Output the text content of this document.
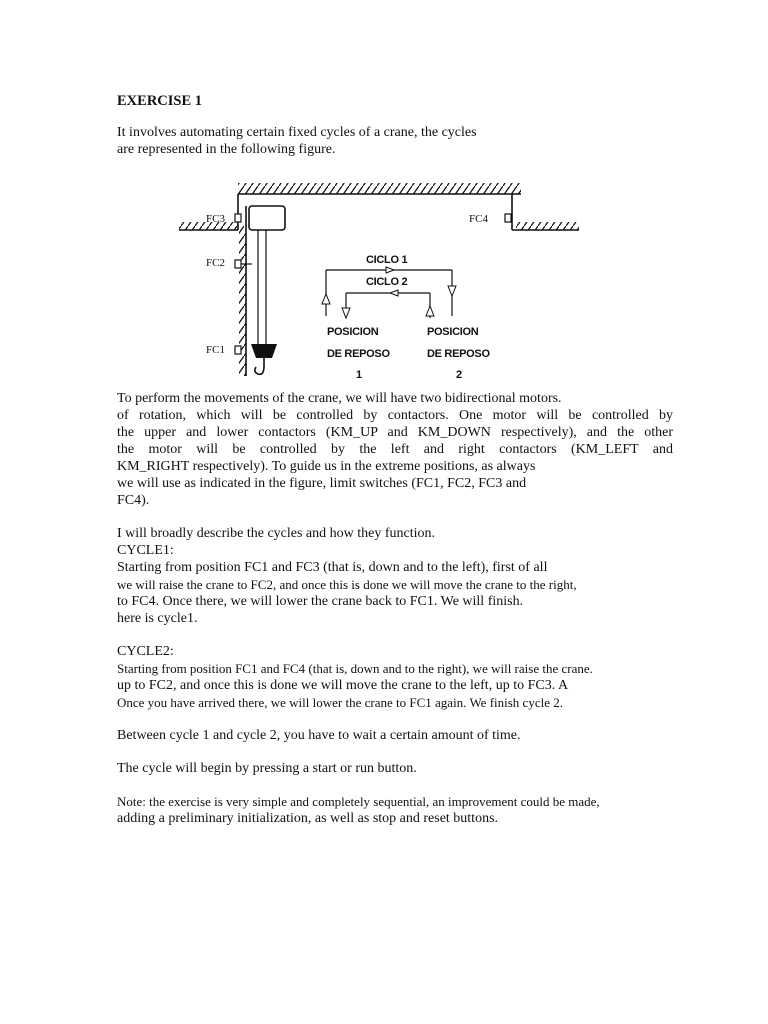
EXERCISE 1
It involves automating certain fixed cycles of a crane, the cycles
are represented in the following figure.
FC3	FC4
FC2
FC1
CICLO 1
CICLO 2
POSICION
DE REPOSO
1
POSICION
DE REPOSO
2
To perform the movements of the crane, we will have two bidirectional motors.
of rotation, which will be controlled by contactors. One motor will be controlled by
the upper and lower contactors (KM_UP and KM_DOWN respectively), and the other
the motor will be controlled by the left and right contactors (KM_LEFT and
KM_RIGHT respectively). To guide us in the extreme positions, as always
we will use as indicated in the figure, limit switches (FC1, FC2, FC3 and
FC4).
I will broadly describe the cycles and how they function.
CYCLE1:
Starting from position FC1 and FC3 (that is, down and to the left), first of all
we will raise the crane to FC2, and once this is done we will move the crane to the right,
to FC4. Once there, we will lower the crane back to FC1. We will finish.
here is cycle1.
CYCLE2:
Starting from position FC1 and FC4 (that is, down and to the right), we will raise the crane.
up to FC2, and once this is done we will move the crane to the left, up to FC3. A
Once you have arrived there, we will lower the crane to FC1 again. We finish cycle 2.
Between cycle 1 and cycle 2, you have to wait a certain amount of time.
The cycle will begin by pressing a start or run button.
Note: the exercise is very simple and completely sequential, an improvement could be made,
adding a preliminary initialization, as well as stop and reset buttons.
